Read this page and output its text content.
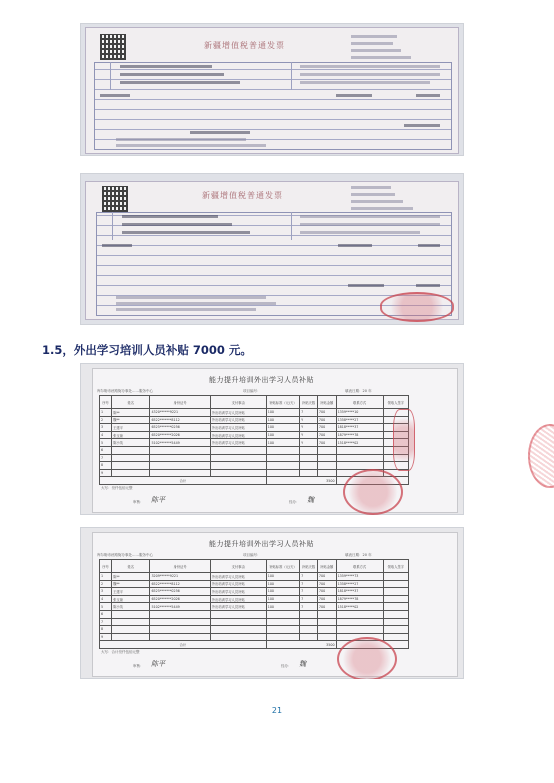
新疆增值税普通发票
新疆增值税普通发票
1.5，外出学习培训人员补贴 7000 元。
能力提升培训外出学习人员补贴
库尔勒市丝路街办事处……服务中心	项目编号：	填表日期：20 年
序号	姓名	身份证号	支付事由	补贴标准（元/天）	补贴天数	补贴金额	联系方式	领取人签字
1	陈**	4320******9221	外出培训学习人员补贴	100	7	700	1359*****10	
2	魏**	6522*******8112	外出培训学习人员补贴	100	Y	700	1358*****27	
3	王建平	6525*******0256	外出培训学习人员补贴	100	Y	700	1818*****37	
4	张玉琼	6520*******2026	外出培训学习人员补贴	100	Y	700	1879*****78	
5	陈小英	5102*******5449	外出培训学习人员补贴	100	Y	700	1518*****02	
6								
7								
8								
9								
合计				3500				
大写：叁仟伍佰元整
审核： 陈平	经办： 魏
能力提升培训外出学习人员补贴
库尔勒市丝路街办事处……服务中心	项目编号：	填表日期：20 年
序号	姓名	身份证号	支付事由	补贴标准（元/天）	补贴天数	补贴金额	联系方式	领取人签字
1	陈**	3209******9221	外出培训学习人员补贴	100	7	700	1359*****73	
2	魏**	6522*******8112	外出培训学习人员补贴	100	7	700	1358*****27	
3	王建平	6525*******0256	外出培训学习人员补贴	100	7	700	1818*****37	
4	张玉琼	6520*******2026	外出培训学习人员补贴	100	7	700	1879*****78	
5	陈小英	5102*******5449	外出培训学习人员补贴	100	7	700	1518*****02	
6								
7								
8								
9								
合计				3500				
大写：合计叁仟伍佰元整
审核： 陈平	经办： 魏
21
